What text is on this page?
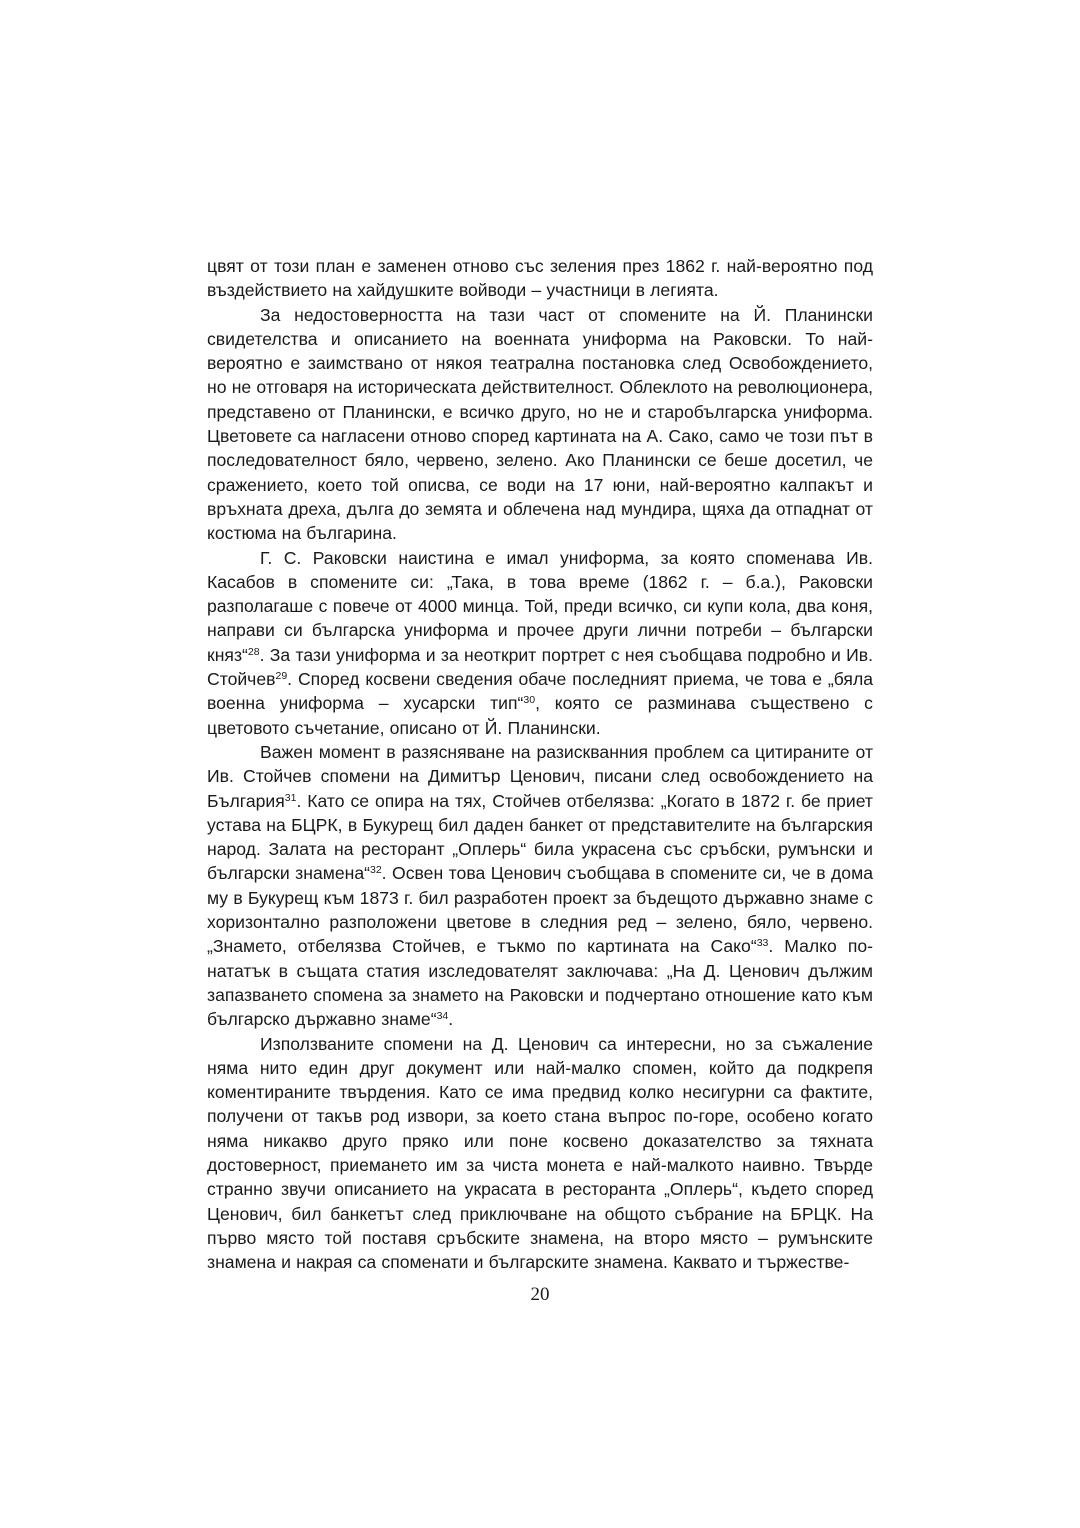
цвят от този план е заменен отново със зеления през 1862 г. най-вероятно под въздействието на хайдушките войводи – участници в легията.

За недостоверността на тази част от спомените на Й. Планински свидетелства и описанието на военната униформа на Раковски. То най-вероятно е заимствано от някоя театрална постановка след Освобождението, но не отговаря на историческата действителност. Облеклото на революционера, представено от Планински, е всичко друго, но не и старобългарска униформа. Цветовете са нагласени отново според картината на А. Сако, само че този път в последователност бяло, червено, зелено. Ако Планински се беше досетил, че сражението, което той описва, се води на 17 юни, най-вероятно калпакът и връхната дреха, дълга до земята и облечена над мундира, щяха да отпаднат от костюма на българина.

Г. С. Раковски наистина е имал униформа, за която споменава Ив. Касабов в спомените си: „Така, в това време (1862 г. – б.а.), Раковски разполагаше с повече от 4000 минца. Той, преди всичко, си купи кола, два коня, направи си българска униформа и прочее други лични потреби – български княз“$^{28}$. За тази униформа и за неоткрит портрет с нея съобщава подробно и Ив. Стойчев$^{29}$. Според косвени сведения обаче последният приема, че това е „бяла военна униформа – хусарски тип“$^{30}$, която се разминава съществено с цветовото съчетание, описано от Й. Планински.

Важен момент в разясняване на разискванния проблем са цитираните от Ив. Стойчев спомени на Димитър Ценович, писани след освобождението на България$^{31}$. Като се опира на тях, Стойчев отбелязва: „Когато в 1872 г. бе приет устава на БЦРК, в Букурещ бил даден банкет от представителите на българския народ. Залата на ресторант „Оплерь“ била украсена със сръбски, румънски и български знамена“$^{32}$. Освен това Ценович съобщава в спомените си, че в дома му в Букурещ към 1873 г. бил разработен проект за бъдещото държавно знаме с хоризонтално разположени цветове в следния ред – зелено, бяло, червено. „Знамето, отбелязва Стойчев, е тъкмо по картината на Сако“$^{33}$. Малко по-нататък в същата статия изследователят заключава: „На Д. Ценович дължим запазването спомена за знамето на Раковски и подчертано отношение като към българско държавно знаме“$^{34}$.

Използваните спомени на Д. Ценович са интересни, но за съжаление няма нито един друг документ или най-малко спомен, който да подкрепя коментираните твърдения. Като се има предвид колко несигурни са фактите, получени от такъв род извори, за което стана въпрос по-горе, особено когато няма никакво друго пряко или поне косвено доказателство за тяхната достоверност, приемането им за чиста монета е най-малкото наивно. Твърде странно звучи описанието на украсата в ресторанта „Оплерь“, където според Ценович, бил банкетът след приключване на общото събрание на БРЦК. На първо място той поставя сръбските знамена, на второ място – румънските знамена и накрая са споменати и българските знамена. Каквато и тържестве-

20
